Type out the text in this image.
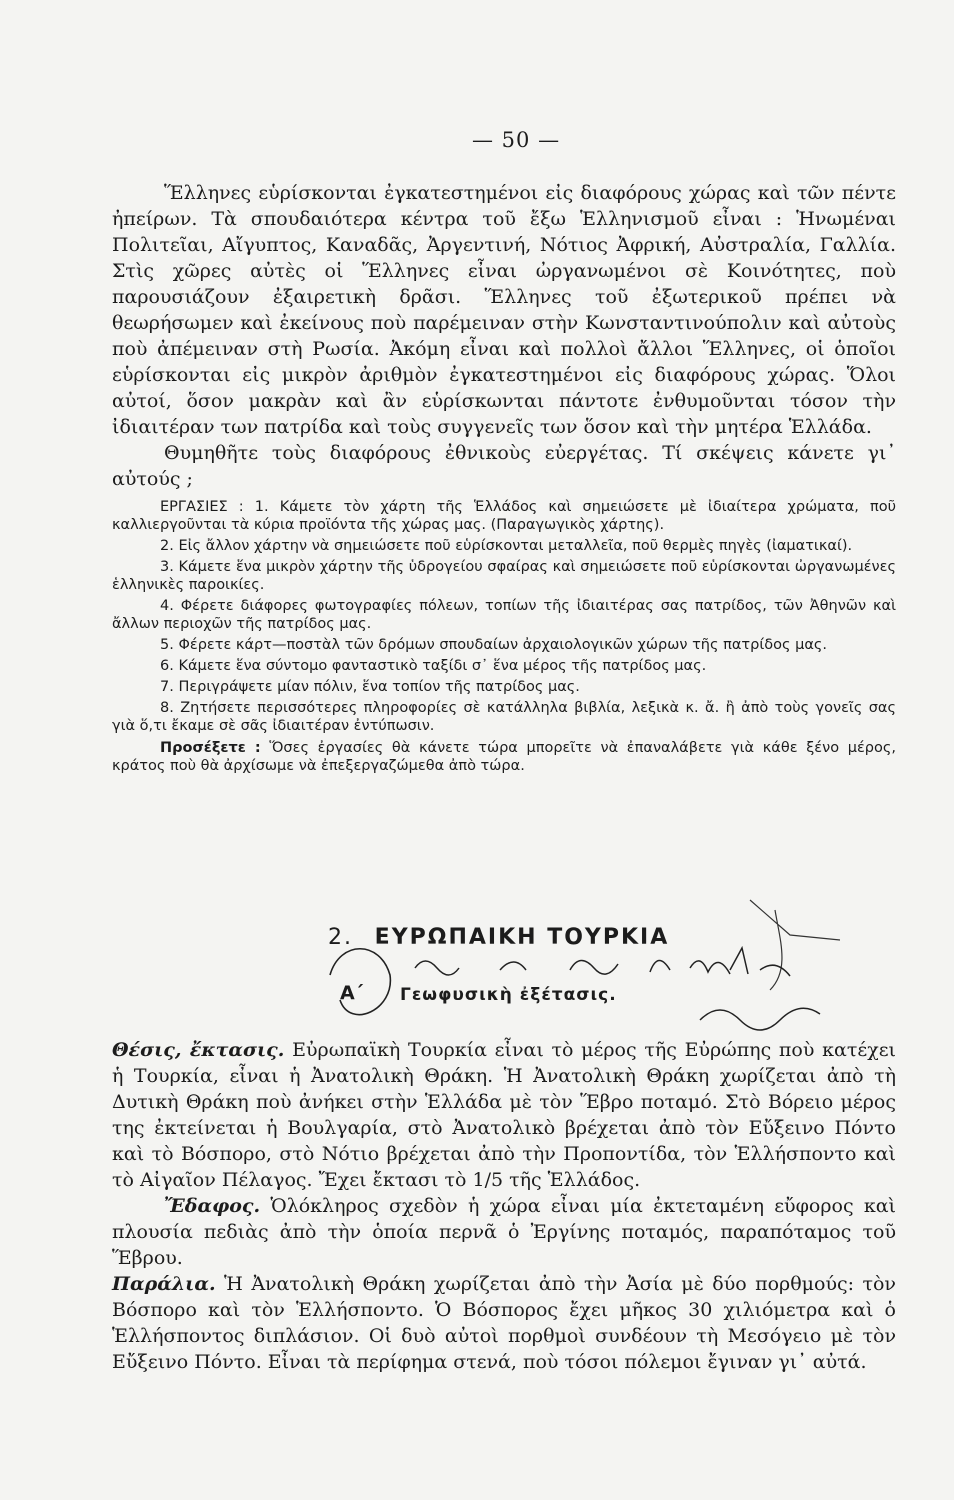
— 50 —

Ἕλληνες εὑρίσκονται ἐγκατεστημένοι εἰς διαφόρους χώρας καὶ τῶν πέντε ἠπείρων. Τὰ σπουδαιότερα κέντρα τοῦ ἔξω Ἑλληνισμοῦ εἶναι : Ἡνωμέναι Πολιτεῖαι, Αἴγυπτος, Καναδᾶς, Ἀργεντινή, Νότιος Ἀφρική, Αὐστραλία, Γαλλία. Στὶς χῶρες αὐτὲς οἱ Ἕλληνες εἶναι ὠργανωμένοι σὲ Κοινότητες, ποὺ παρουσιάζουν ἐξαιρετικὴ δρᾶσι. Ἕλληνες τοῦ ἐξωτερικοῦ πρέπει νὰ θεωρήσωμεν καὶ ἐκείνους ποὺ παρέμειναν στὴν Κωνσταντινούπολιν καὶ αὐτοὺς ποὺ ἀπέμειναν στὴ Ρωσία. Ἀκόμη εἶναι καὶ πολλοὶ ἄλλοι Ἕλληνες, οἱ ὁποῖοι εὑρίσκονται εἰς μικρὸν ἀριθμὸν ἐγκατεστημένοι εἰς διαφόρους χώρας. Ὅλοι αὐτοί, ὅσον μακρὰν καὶ ἂν εὑρίσκωνται πάντοτε ἐνθυμοῦνται τόσον τὴν ἰδιαιτέραν των πατρίδα καὶ τοὺς συγγενεῖς των ὅσον καὶ τὴν μητέρα Ἑλλάδα.

Θυμηθῆτε τοὺς διαφόρους ἐθνικοὺς εὐεργέτας. Τί σκέψεις κάνετε γι᾽ αὐτούς ;

ΕΡΓΑΣΙΕΣ : 1. Κάμετε τὸν χάρτη τῆς Ἑλλάδος καὶ σημειώσετε μὲ ἰδιαίτερα χρώματα, ποῦ καλλιεργοῦνται τὰ κύρια προϊόντα τῆς χώρας μας. (Παραγωγικὸς χάρτης).

2. Εἰς ἄλλον χάρτην νὰ σημειώσετε ποῦ εὑρίσκονται μεταλλεῖα, ποῦ θερμὲς πηγὲς (ἰαματικαί).

3. Κάμετε ἕνα μικρὸν χάρτην τῆς ὑδρογείου σφαίρας καὶ σημειώσετε ποῦ εὑρίσκονται ὠργανωμένες ἑλληνικὲς παροικίες.

4. Φέρετε διάφορες φωτογραφίες πόλεων, τοπίων τῆς ἰδιαιτέρας σας πατρίδος, τῶν Ἀθηνῶν καὶ ἄλλων περιοχῶν τῆς πατρίδος μας.

5. Φέρετε κάρτ—ποστὰλ τῶν δρόμων σπουδαίων ἀρχαιολογικῶν χώρων τῆς πατρίδος μας.

6. Κάμετε ἕνα σύντομο φανταστικὸ ταξίδι σ᾽ ἕνα μέρος τῆς πατρίδος μας.

7. Περιγράψετε μίαν πόλιν, ἕνα τοπίον τῆς πατρίδος μας.

8. Ζητήσετε περισσότερες πληροφορίες σὲ κατάλληλα βιβλία, λεξικὰ κ. ἄ. ἢ ἀπὸ τοὺς γονεῖς σας γιὰ ὅ,τι ἔκαμε σὲ σᾶς ἰδιαιτέραν ἐντύπωσιν.

Προσέξετε : Ὅσες ἐργασίες θὰ κάνετε τώρα μπορεῖτε νὰ ἐπαναλάβετε γιὰ κάθε ξένο μέρος, κράτος ποὺ θὰ ἀρχίσωμε νὰ ἐπεξεργαζώμεθα ἀπὸ τώρα.

2. ΕΥΡΩΠΑΙΚΗ ΤΟΥΡΚΙΑ
Α΄ Γεωφυσικὴ ἐξέτασις.

Θέσις, ἔκτασις. Εὐρωπαϊκὴ Τουρκία εἶναι τὸ μέρος τῆς Εὐρώπης ποὺ κατέχει ἡ Τουρκία, εἶναι ἡ Ἀνατολικὴ Θράκη. Ἡ Ἀνατολικὴ Θράκη χωρίζεται ἀπὸ τὴ Δυτικὴ Θράκη ποὺ ἀνήκει στὴν Ἑλλάδα μὲ τὸν Ἕβρο ποταμό. Στὸ Βόρειο μέρος της ἐκτείνεται ἡ Βουλγαρία, στὸ Ἀνατολικὸ βρέχεται ἀπὸ τὸν Εὔξεινο Πόντο καὶ τὸ Βόσπορο, στὸ Νότιο βρέχεται ἀπὸ τὴν Προποντίδα, τὸν Ἑλλήσποντο καὶ τὸ Αἰγαῖον Πέλαγος. Ἔχει ἔκτασι τὸ 1/5 τῆς Ἑλλάδος.

Ἔδαφος. Ὁλόκληρος σχεδὸν ἡ χώρα εἶναι μία ἐκτεταμένη εὔφορος καὶ πλουσία πεδιὰς ἀπὸ τὴν ὁποία περνᾶ ὁ Ἐργίνης ποταμός, παραπόταμος τοῦ Ἕβρου.

Παράλια. Ἡ Ἀνατολικὴ Θράκη χωρίζεται ἀπὸ τὴν Ἀσία μὲ δύο πορθμούς: τὸν Βόσπορο καὶ τὸν Ἑλλήσποντο. Ὁ Βόσπορος ἔχει μῆκος 30 χιλιόμετρα καὶ ὁ Ἑλλήσποντος διπλάσιον. Οἱ δυὸ αὐτοὶ πορθμοὶ συνδέουν τὴ Μεσόγειο μὲ τὸν Εὔξεινο Πόντο. Εἶναι τὰ περίφημα στενά, ποὺ τόσοι πόλεμοι ἔγιναν γι᾽ αὐτά.
